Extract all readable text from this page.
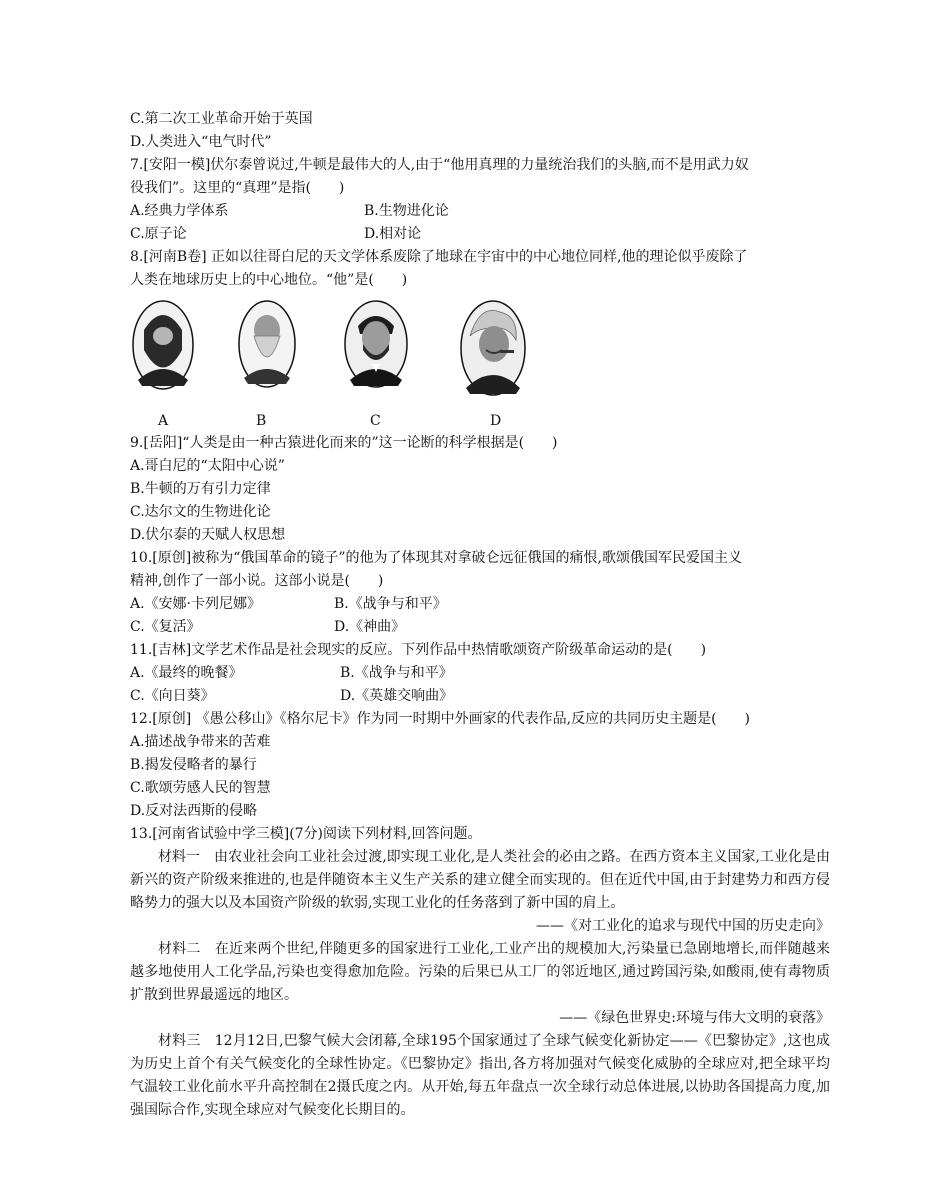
C.第二次工业革命开始于英国
D.人类进入“电气时代”
7.[安阳一模]伏尔泰曾说过,牛顿是最伟大的人,由于“他用真理的力量统治我们的头脑,而不是用武力奴
役我们”。这里的“真理”是指(　　)
A.经典力学体系	B.生物进化论
C.原子论	D.相对论
8.[河南B卷] 正如以往哥白尼的天文学体系废除了地球在宇宙中的中心地位同样,他的理论似乎废除了
人类在地球历史上的中心地位。“他”是(　　)
A	B	C	D
9.[岳阳]“人类是由一种古猿进化而来的”这一论断的科学根据是(　　)
A.哥白尼的“太阳中心说”
B.牛顿的万有引力定律
C.达尔文的生物进化论
D.伏尔泰的天赋人权思想
10.[原创]被称为“俄国革命的镜子”的他为了体现其对拿破仑远征俄国的痛恨,歌颂俄国军民爱国主义
精神,创作了一部小说。这部小说是(　　)
A.《安娜·卡列尼娜》	B.《战争与和平》
C.《复活》	D.《神曲》
11.[吉林]文学艺术作品是社会现实的反应。下列作品中热情歌颂资产阶级革命运动的是(　　)
A.《最终的晚餐》	B.《战争与和平》
C.《向日葵》	D.《英雄交响曲》
12.[原创] 《愚公移山》《格尔尼卡》作为同一时期中外画家的代表作品,反应的共同历史主题是(　　)
A.描述战争带来的苦难
B.揭发侵略者的暴行
C.歌颂劳感人民的智慧
D.反对法西斯的侵略
13.[河南省试验中学三模](7分)阅读下列材料,回答问题。
材料一　由农业社会向工业社会过渡,即实现工业化,是人类社会的必由之路。在西方资本主义国家,工业化是由新兴的资产阶级来推进的,也是伴随资本主义生产关系的建立健全而实现的。但在近代中国,由于封建势力和西方侵略势力的强大以及本国资产阶级的软弱,实现工业化的任务落到了新中国的肩上。
——《对工业化的追求与现代中国的历史走向》
材料二　在近来两个世纪,伴随更多的国家进行工业化,工业产出的规模加大,污染量已急剧地增长,而伴随越来越多地使用人工化学品,污染也变得愈加危险。污染的后果已从工厂的邻近地区,通过跨国污染,如酸雨,使有毒物质扩散到世界最遥远的地区。
——《绿色世界史:环境与伟大文明的衰落》
材料三　12月12日,巴黎气候大会闭幕,全球195个国家通过了全球气候变化新协定——《巴黎协定》,这也成为历史上首个有关气候变化的全球性协定。《巴黎协定》指出,各方将加强对气候变化威胁的全球应对,把全球平均气温较工业化前水平升高控制在2摄氏度之内。从开始,每五年盘点一次全球行动总体进展,以协助各国提高力度,加强国际合作,实现全球应对气候变化长期目的。
